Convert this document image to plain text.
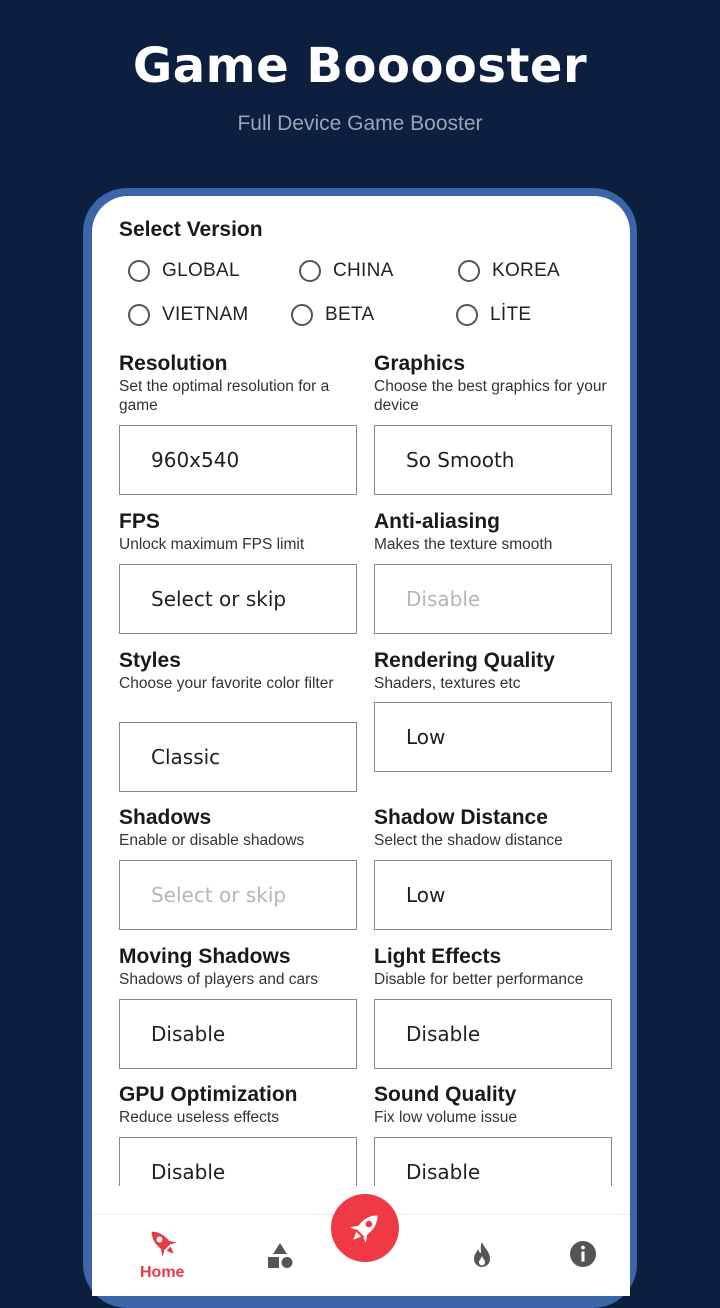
Game Booooster
Full Device Game Booster
Select Version
GLOBAL	CHINA	KOREA
VIETNAM	BETA	LİTE
Resolution
Set the optimal resolution for a game
960x540
Graphics
Choose the best graphics for your device
So Smooth
FPS
Unlock maximum FPS limit
Select or skip
Anti-aliasing
Makes the texture smooth
Disable
Styles
Choose your favorite color filter
Classic
Rendering Quality
Shaders, textures etc
Low
Shadows
Enable or disable shadows
Select or skip
Shadow Distance
Select the shadow distance
Low
Moving Shadows
Shadows of players and cars
Disable
Light Effects
Disable for better performance
Disable
GPU Optimization
Reduce useless effects
Disable
Sound Quality
Fix low volume issue
Disable
Home
